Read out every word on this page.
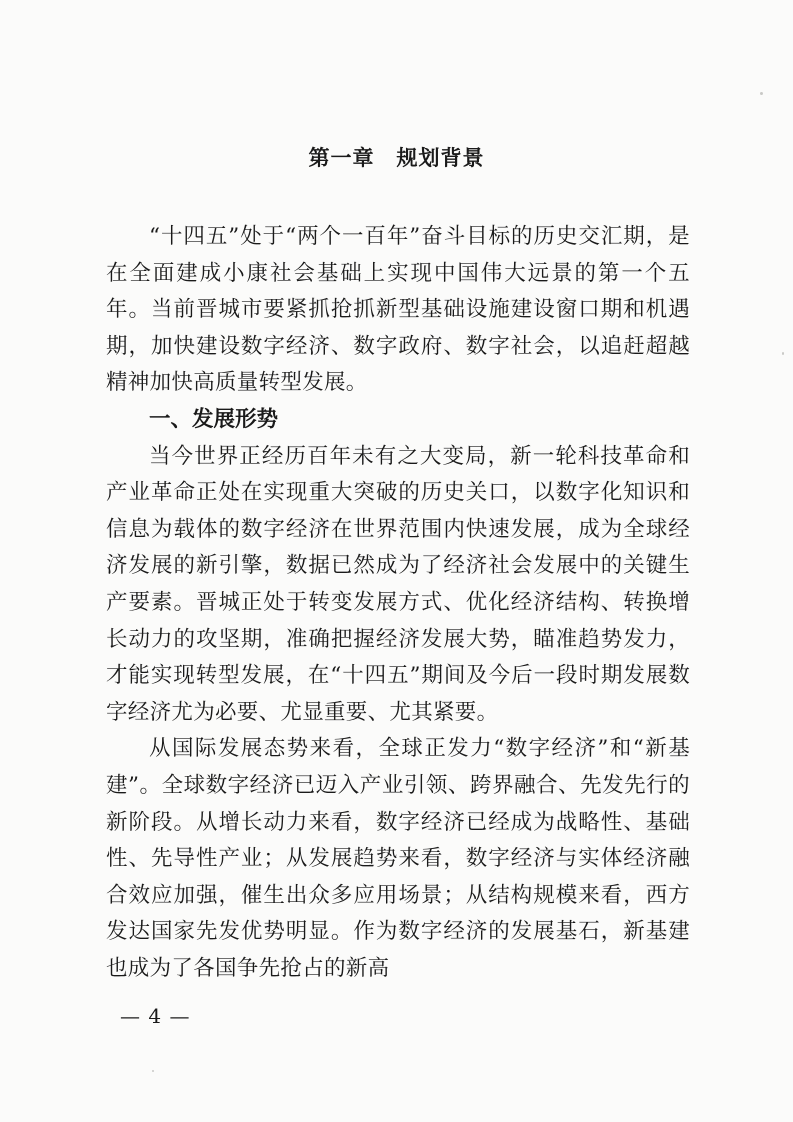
第一章　规划背景

“十四五”处于“两个一百年”奋斗目标的历史交汇期，是在全面建成小康社会基础上实现中国伟大远景的第一个五年。当前晋城市要紧抓抢抓新型基础设施建设窗口期和机遇期，加快建设数字经济、数字政府、数字社会，以追赶超越精神加快高质量转型发展。

一、发展形势

当今世界正经历百年未有之大变局，新一轮科技革命和产业革命正处在实现重大突破的历史关口，以数字化知识和信息为载体的数字经济在世界范围内快速发展，成为全球经济发展的新引擎，数据已然成为了经济社会发展中的关键生产要素。晋城正处于转变发展方式、优化经济结构、转换增长动力的攻坚期，准确把握经济发展大势，瞄准趋势发力，才能实现转型发展，在“十四五”期间及今后一段时期发展数字经济尤为必要、尤显重要、尤其紧要。

从国际发展态势来看，全球正发力“数字经济”和“新基建”。全球数字经济已迈入产业引领、跨界融合、先发先行的新阶段。从增长动力来看，数字经济已经成为战略性、基础性、先导性产业；从发展趋势来看，数字经济与实体经济融合效应加强，催生出众多应用场景；从结构规模来看，西方发达国家先发优势明显。作为数字经济的发展基石，新基建也成为了各国争先抢占的新高

— 4 —
